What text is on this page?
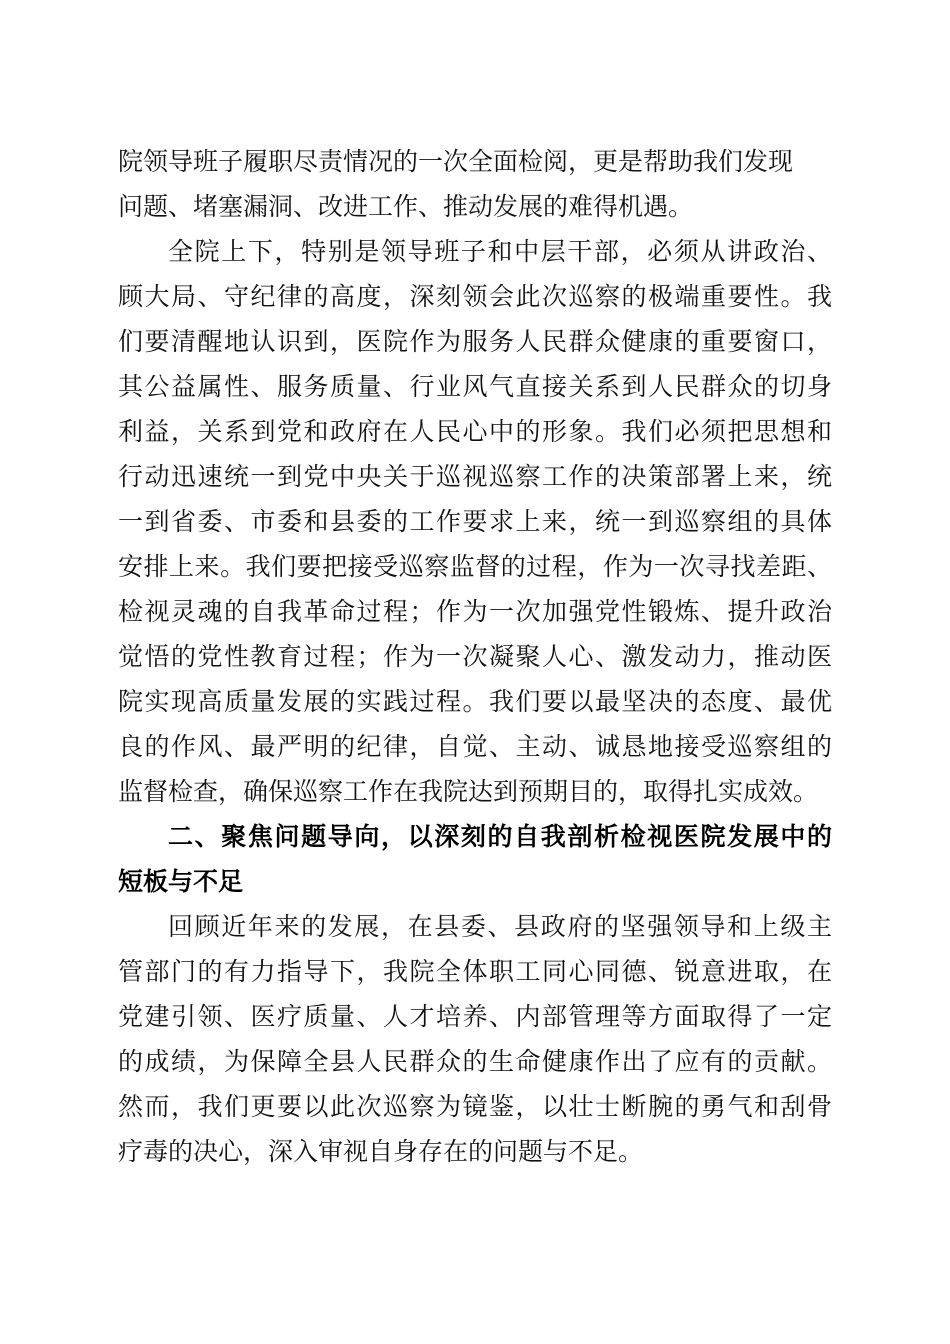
院领导班子履职尽责情况的一次全面检阅，更是帮助我们发现
问题、堵塞漏洞、改进工作、推动发展的难得机遇。
全院上下，特别是领导班子和中层干部，必须从讲政治、
顾大局、守纪律的高度，深刻领会此次巡察的极端重要性。我
们要清醒地认识到，医院作为服务人民群众健康的重要窗口，
其公益属性、服务质量、行业风气直接关系到人民群众的切身
利益，关系到党和政府在人民心中的形象。我们必须把思想和
行动迅速统一到党中央关于巡视巡察工作的决策部署上来，统
一到省委、市委和县委的工作要求上来，统一到巡察组的具体
安排上来。我们要把接受巡察监督的过程，作为一次寻找差距、
检视灵魂的自我革命过程；作为一次加强党性锻炼、提升政治
觉悟的党性教育过程；作为一次凝聚人心、激发动力，推动医
院实现高质量发展的实践过程。我们要以最坚决的态度、最优
良的作风、最严明的纪律，自觉、主动、诚恳地接受巡察组的
监督检查，确保巡察工作在我院达到预期目的，取得扎实成效。
二、聚焦问题导向，以深刻的自我剖析检视医院发展中的
短板与不足
回顾近年来的发展，在县委、县政府的坚强领导和上级主
管部门的有力指导下，我院全体职工同心同德、锐意进取，在
党建引领、医疗质量、人才培养、内部管理等方面取得了一定
的成绩，为保障全县人民群众的生命健康作出了应有的贡献。
然而，我们更要以此次巡察为镜鉴，以壮士断腕的勇气和刮骨
疗毒的决心，深入审视自身存在的问题与不足。
